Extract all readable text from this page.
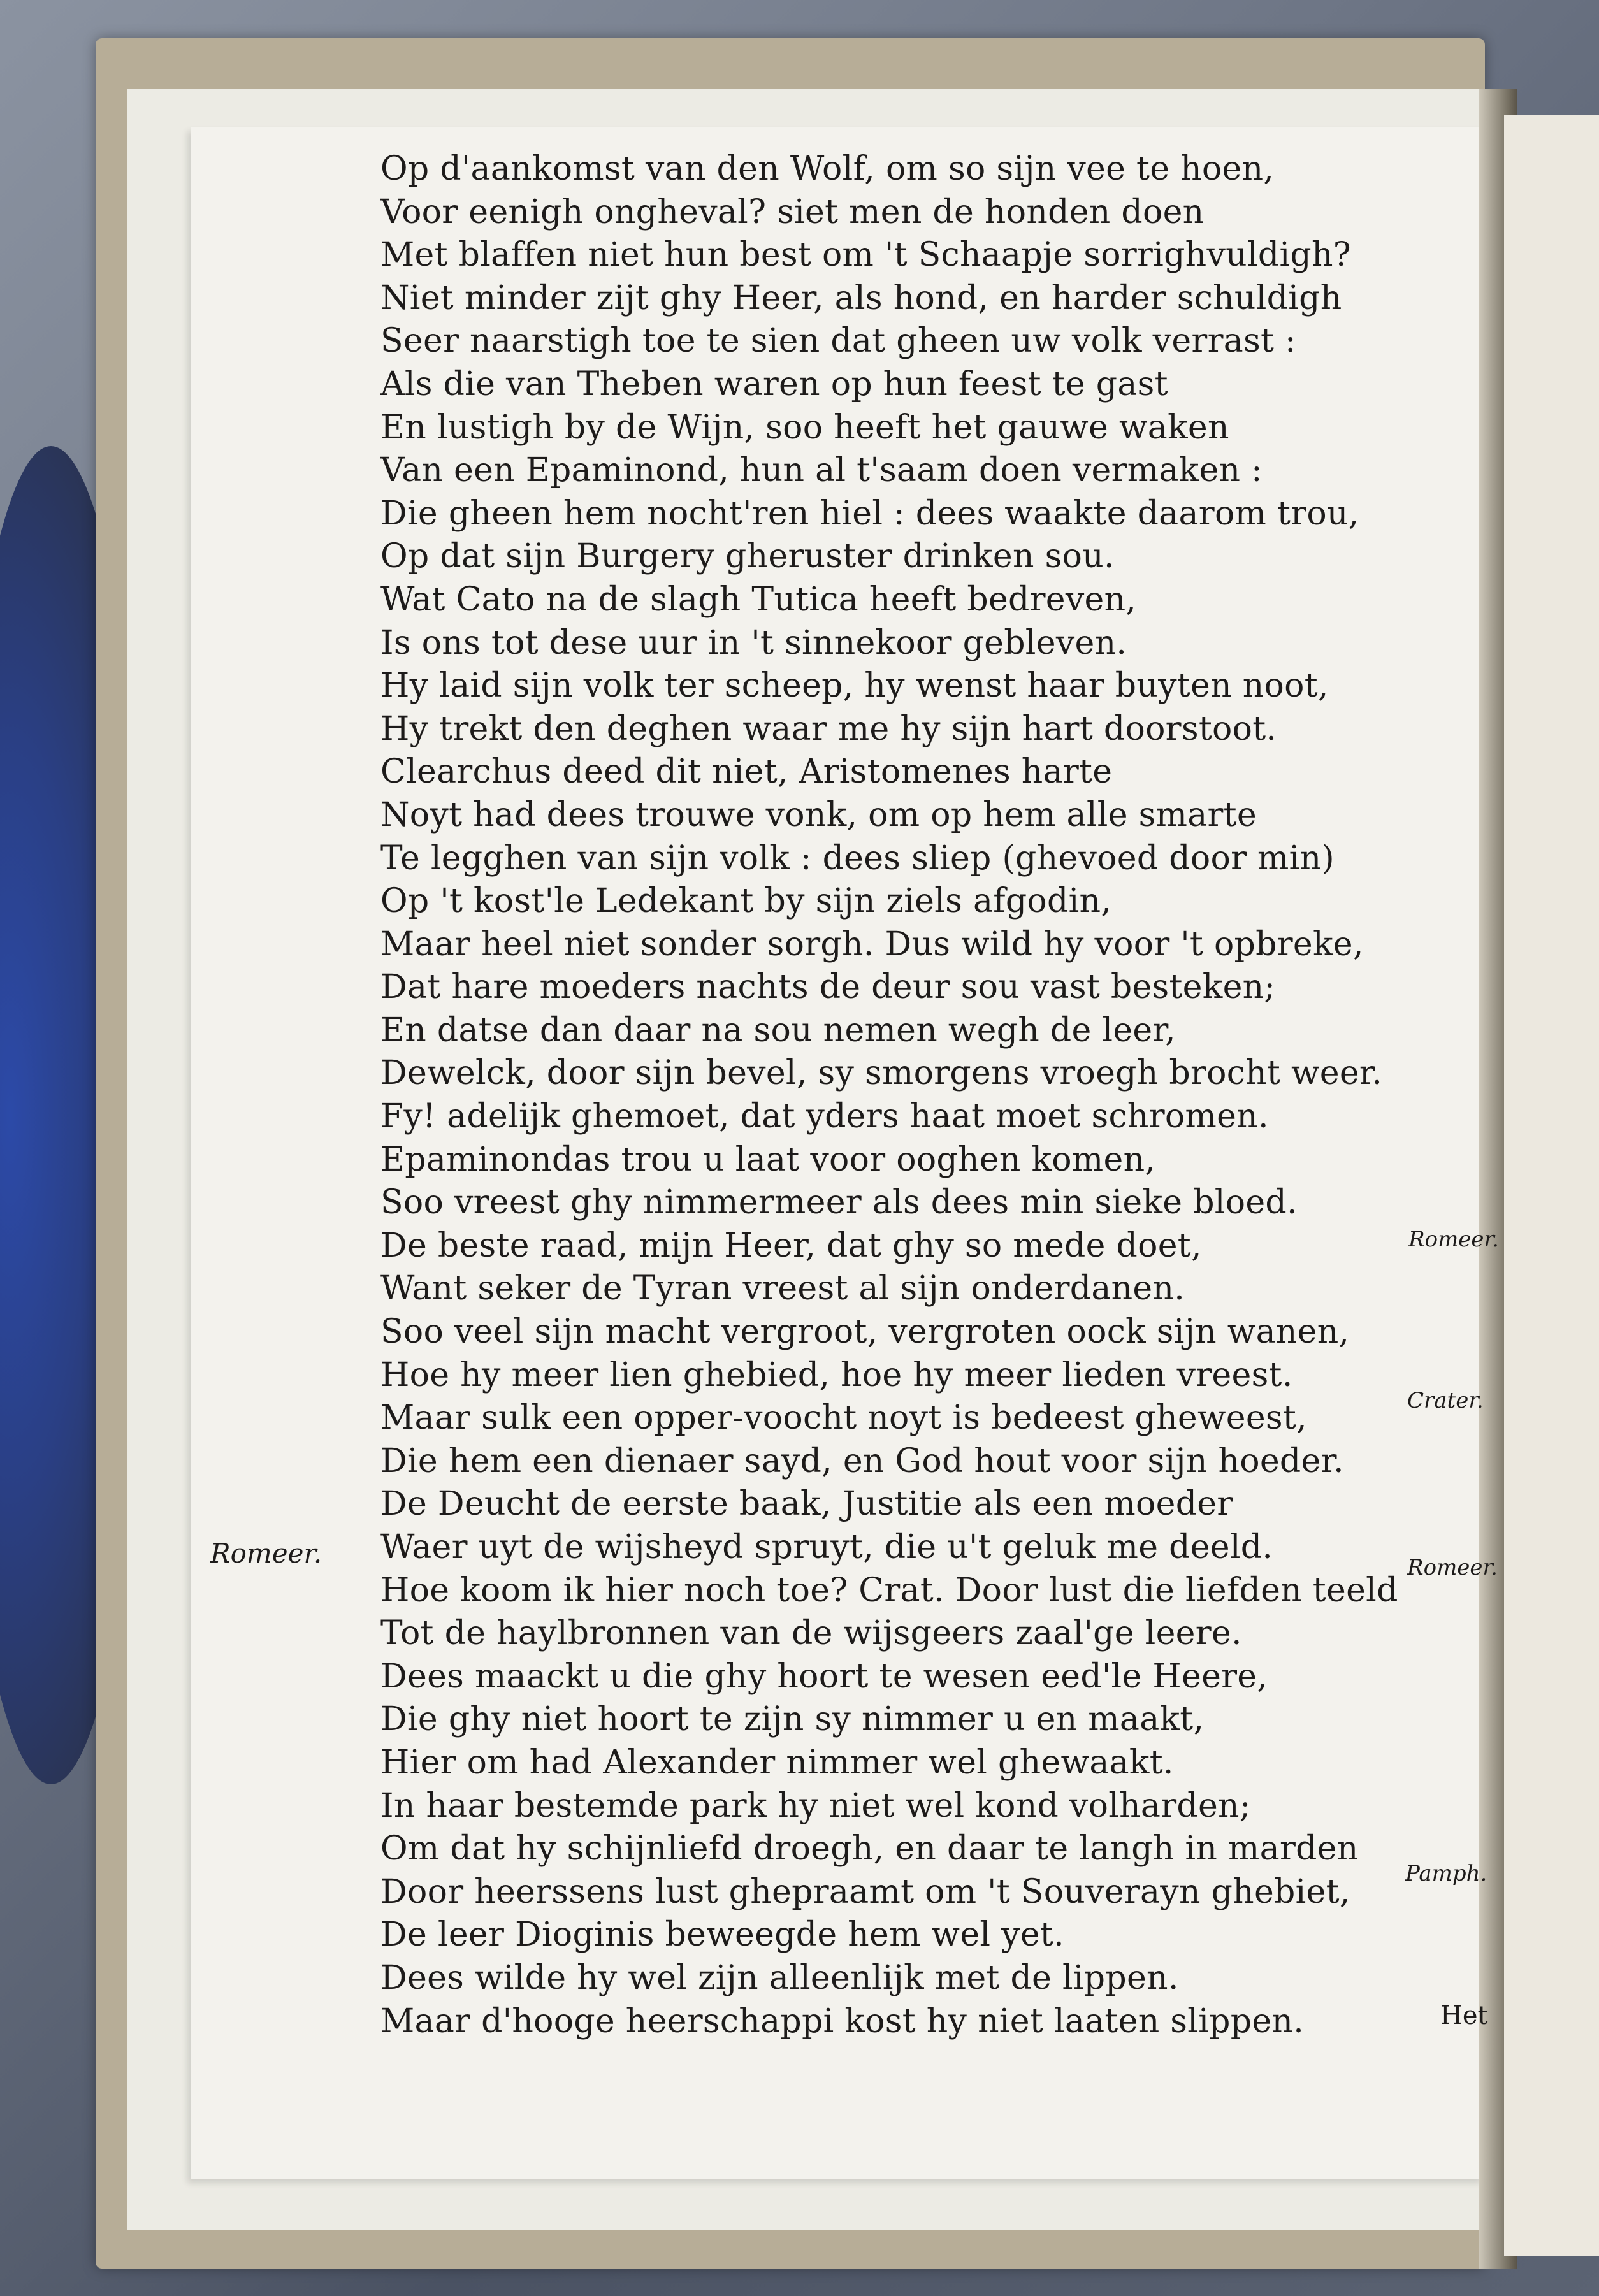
Op d'aankomst van den Wolf, om so sijn vee te hoen,
Voor eenigh ongheval? siet men de honden doen
Met blaffen niet hun best om 't Schaapje sorrighvuldigh?
Niet minder zijt ghy Heer, als hond, en harder schuldigh
Seer naarstigh toe te sien dat gheen uw volk verrast :
Als die van Theben waren op hun feest te gast
En lustigh by de Wijn, soo heeft het gauwe waken
Van een Epaminond, hun al t'saam doen vermaken :
Die gheen hem nocht'ren hiel : dees waakte daarom trou,
Op dat sijn Burgery gheruster drinken sou.
Wat Cato na de slagh Tutica heeft bedreven,
Is ons tot dese uur in 't sinnekoor gebleven.
Hy laid sijn volk ter scheep, hy wenst haar buyten noot,
Hy trekt den deghen waar me hy sijn hart doorstoot.
Clearchus deed dit niet, Aristomenes harte
Noyt had dees trouwe vonk, om op hem alle smarte
Te legghen van sijn volk : dees sliep (ghevoed door min)
Op 't kost'le Ledekant by sijn ziels afgodin,
Maar heel niet sonder sorgh. Dus wild hy voor 't opbreke,
Dat hare moeders nachts de deur sou vast besteken;
En datse dan daar na sou nemen wegh de leer,
Dewelck, door sijn bevel, sy smorgens vroegh brocht weer.
Fy! adelijk ghemoet, dat yders haat moet schromen.
Epaminondas trou u laat voor ooghen komen,
Soo vreest ghy nimmermeer als dees min sieke bloed.
De beste raad, mijn Heer, dat ghy so mede doet,
Want seker de Tyran vreest al sijn onderdanen.
Soo veel sijn macht vergroot, vergroten oock sijn wanen,
Hoe hy meer lien ghebied, hoe hy meer lieden vreest.
Maar sulk een opper-voocht noyt is bedeest gheweest,
Die hem een dienaer sayd, en God hout voor sijn hoeder.
De Deucht de eerste baak, Justitie als een moeder
Waer uyt de wijsheyd spruyt, die u't geluk me deeld.
Hoe koom ik hier noch toe? Crat. Door lust die liefden teeld
Tot de haylbronnen van de wijsgeers zaal'ge leere.
Dees maackt u die ghy hoort te wesen eed'le Heere,
Die ghy niet hoort te zijn sy nimmer u en maakt,
Hier om had Alexander nimmer wel ghewaakt.
In haar bestemde park hy niet wel kond volharden;
Om dat hy schijnliefd droegh, en daar te langh in marden
Door heerssens lust ghepraamt om 't Souverayn ghebiet,
De leer Dioginis beweegde hem wel yet.
Dees wilde hy wel zijn alleenlijk met de lippen.
Maar d'hooge heerschappi kost hy niet laaten slippen.
Romeer.
Romeer.
Crater.
Romeer.
Pamph.
Het
